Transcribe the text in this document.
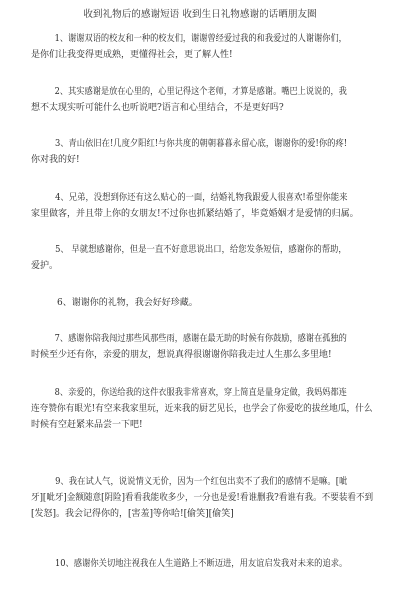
收到礼物后的感谢短语 收到生日礼物感谢的话晒朋友圈
1、谢谢双语的校友和一种的校友们，谢谢曾经爱过我的和我爱过的人谢谢你们，
是你们让我变得更成熟，更懂得社会，更了解人性!
2、其实感谢是放在心里的，心里记得这个老师，才算是感谢。嘴巴上说说的，我
想不太现实听可能什么也听说吧?语言和心里结合，不是更好吗?
3、青山依旧在!几度夕阳红!与你共度的朝朝暮暮永留心底，谢谢你的爱!你的疼!
你对我的好!
4、兄弟，没想到你还有这么贴心的一面，结婚礼物我跟爱人很喜欢!希望你能来
家里做客，并且带上你的女朋友!不过你也抓紧结婚了，毕竟婚姻才是爱情的归属。
5、 早就想感谢你，但是一直不好意思说出口，给您发条短信，感谢你的帮助，
爱护。
6、谢谢你的礼物，我会好好珍藏。
7、感谢你陪我闯过那些风那些雨，感谢在最无助的时候有你鼓励，感谢在孤独的
时候至少还有你，亲爱的朋友，想说真得很谢谢你陪我走过人生那么多里地!
8、亲爱的，你送给我的这件衣服我非常喜欢，穿上简直是量身定做，我妈妈都连
连夸赞你有眼光!有空来我家里玩，近来我的厨艺见长，也学会了你爱吃的拔丝地瓜，什么
时候有空赶紧来品尝一下吧!
9、我在试人气，说说情义无价，因为一个红包出卖不了我们的感情不是嘛。[呲
牙][呲牙]金额随意[阴险]看看我能收多少，一分也是爱!看谁删我?看谁有我。不要装看不到
[发怒]。我会记得你的，[害羞]等你哈![偷笑][偷笑]
10、感谢你关切地注视我在人生道路上不断迈进，用友谊启发我对未来的追求。
